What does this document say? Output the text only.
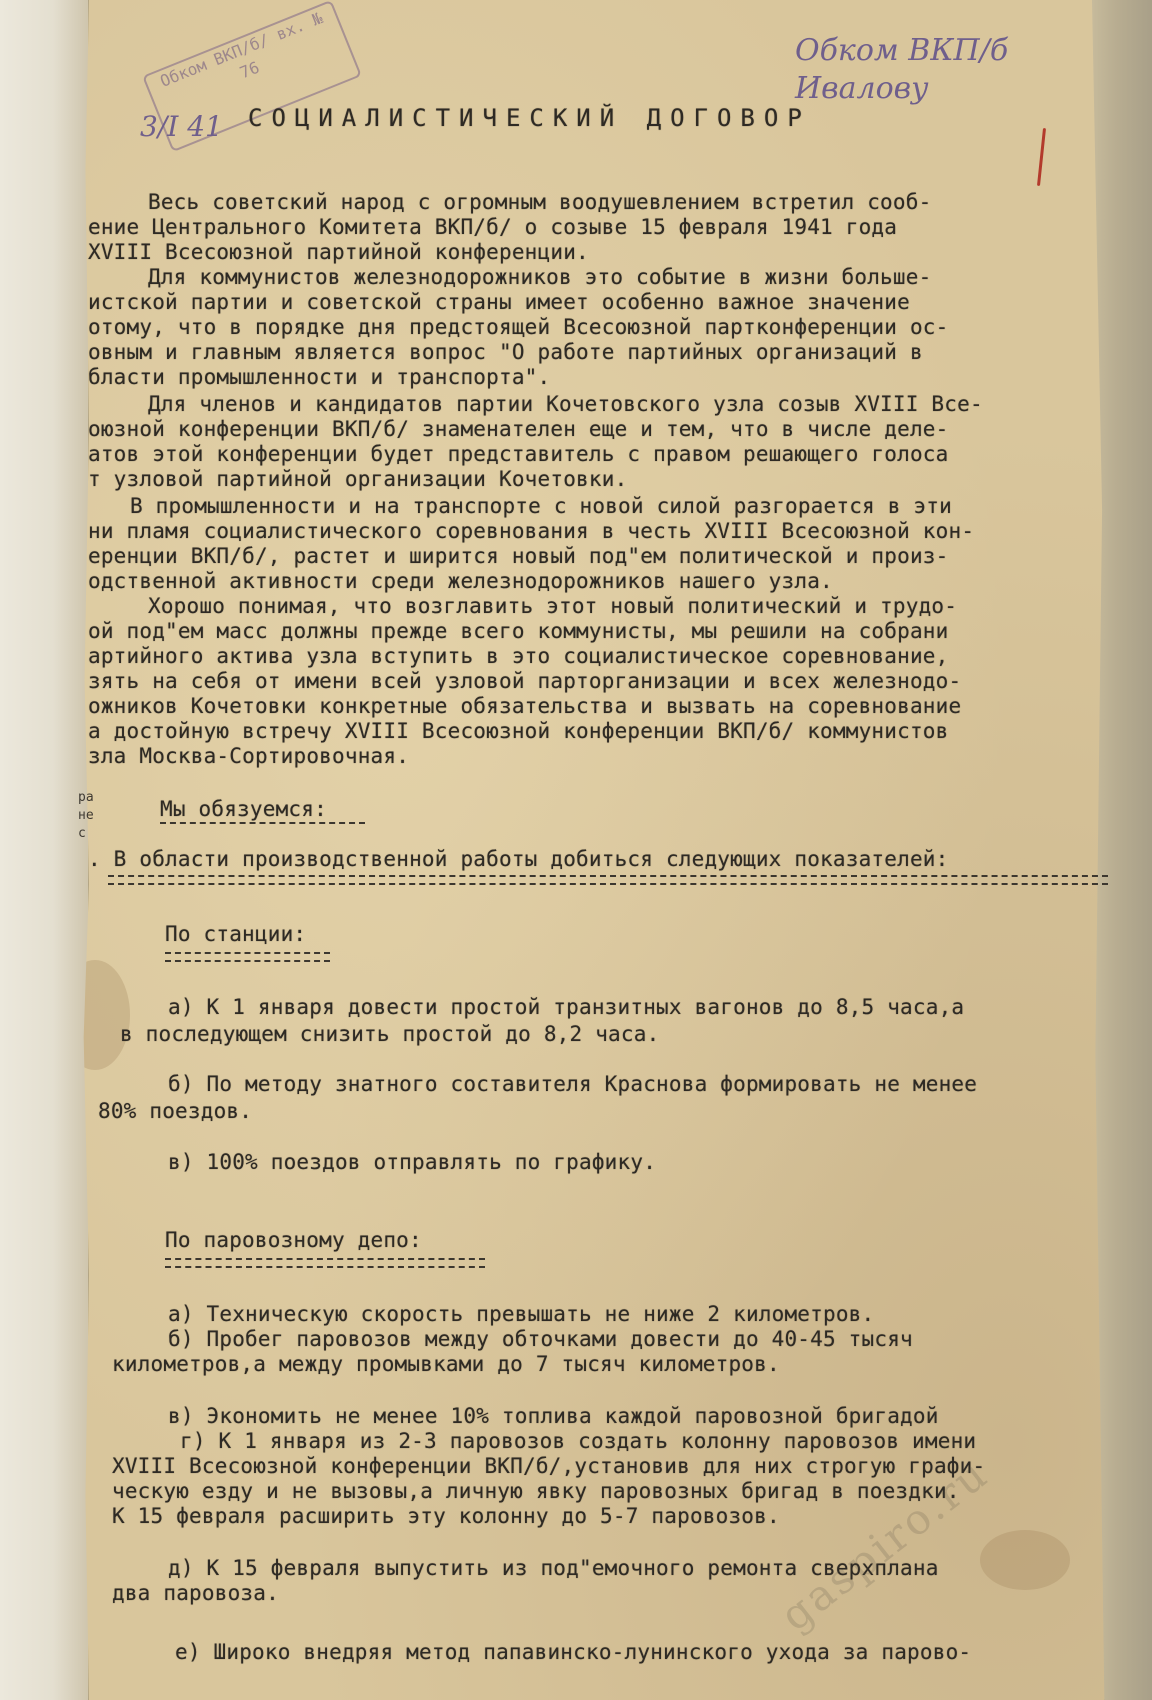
ра
не
с
Обком ВКП/б/ вх. № 76
3/I 41
Обком ВКП/б Ивалову
СОЦИАЛИСТИЧЕСКИЙ ДОГОВОР
Весь советский народ с огромным воодушевлением встретил сооб-
ение Центрального Комитета ВКП/б/ о созыве 15 февраля 1941 года
XVIII Всесоюзной партийной конференции.
Для коммунистов железнодорожников это событие в жизни больше-
истской партии и советской страны имеет особенно важное значение
отому, что в порядке дня предстоящей Всесоюзной партконференции ос-
овным и главным является вопрос "О работе партийных организаций в
бласти промышленности и транспорта".
Для членов и кандидатов партии Кочетовского узла созыв XVIII Все-
оюзной конференции ВКП/б/ знаменателен еще и тем, что в числе деле-
атов этой конференции будет представитель с правом решающего голоса
т узловой партийной организации Кочетовки.
В промышленности и на транспорте с новой силой разгорается в эти
ни пламя социалистического соревнования в честь XVIII Всесоюзной кон-
еренции ВКП/б/, растет и ширится новый под"ем политической и произ-
одственной активности среди железнодорожников нашего узла.
Хорошо понимая, что возглавить этот новый политический и трудо-
ой под"ем масс должны прежде всего коммунисты, мы решили на собрани
артийного актива узла вступить в это социалистическое соревнование,
зять на себя от имени всей узловой парторганизации и всех железнодо-
ожников Кочетовки конкретные обязательства и вызвать на соревнование
а достойную встречу XVIII Всесоюзной конференции ВКП/б/ коммунистов
зла Москва-Сортировочная.
Мы обязуемся:
. В области производственной работы добиться следующих показателей:
По станции:
а) К 1 января довести простой транзитных вагонов до 8,5 часа,а
в последующем снизить простой до 8,2 часа.
б) По методу знатного составителя Краснова формировать не менее
80% поездов.
в) 100% поездов отправлять по графику.
По паровозному депо:
а) Техническую скорость превышать не ниже 2 километров.
б) Пробег паровозов между обточками довести до 40-45 тысяч
километров,а между промывками до 7 тысяч километров.
в) Экономить не менее 10% топлива каждой паровозной бригадой
г) К 1 января из 2-3 паровозов создать колонну паровозов имени
XVIII Всесоюзной конференции ВКП/б/,установив для них строгую графи-
ческую езду и не вызовы,а личную явку паровозных бригад в поездки.
К 15 февраля расширить эту колонну до 5-7 паровозов.
д) К 15 февраля выпустить из под"емочного ремонта сверхплана
два паровоза.
е) Широко внедряя метод папавинско-лунинского ухода за парово-
gaspiro.ru
